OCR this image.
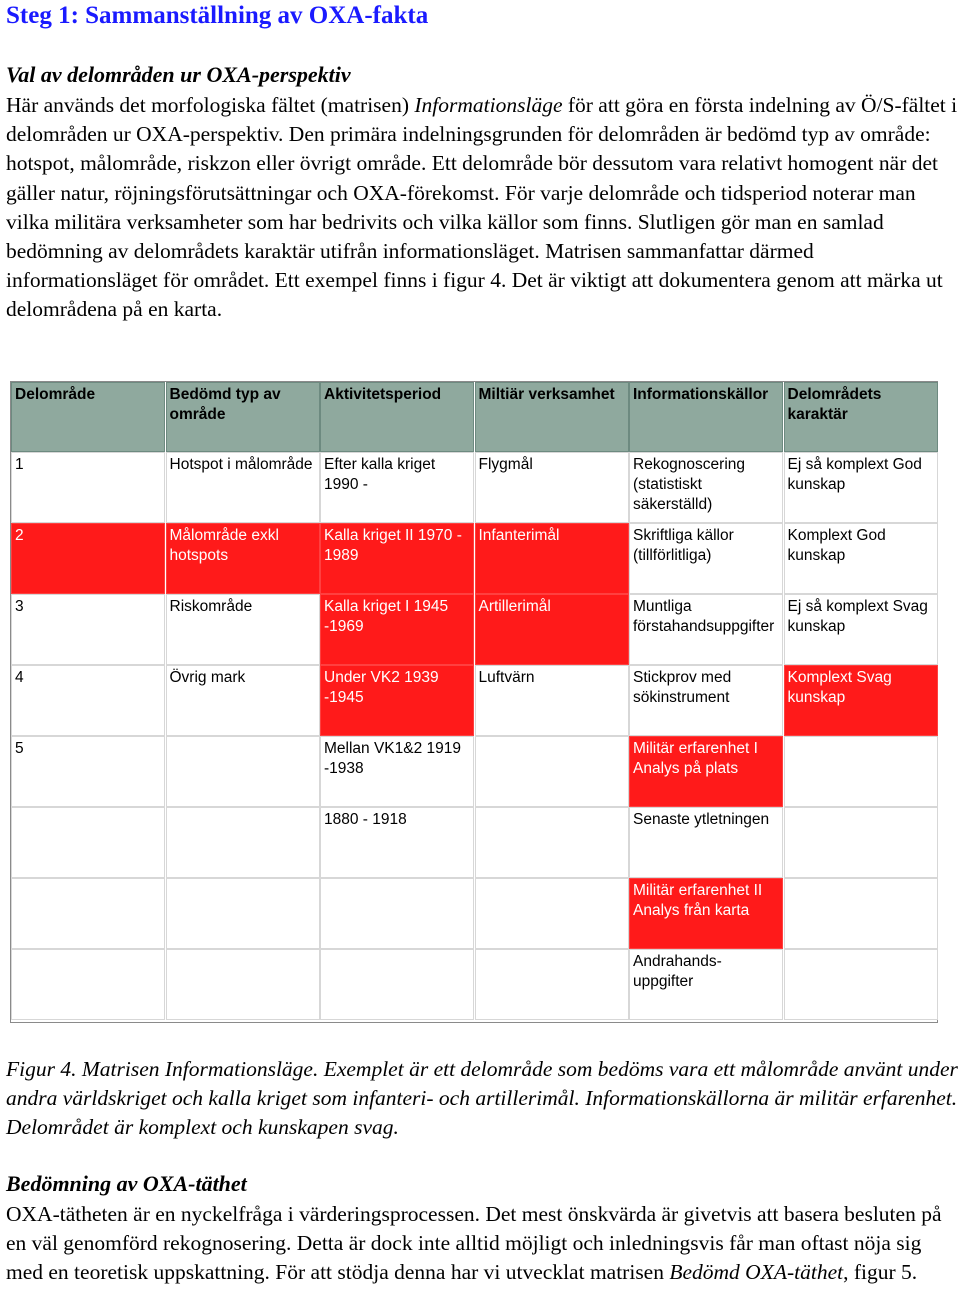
Steg 1: Sammanställning av OXA-fakta
Val av delområden ur OXA-perspektiv
Här används det morfologiska fältet (matrisen) Informationsläge för att göra en första indelning av Ö/S-fältet i delområden ur OXA-perspektiv. Den primära indelningsgrunden för delområden är bedömd typ av område: hotspot, målområde, riskzon eller övrigt område. Ett delområde bör dessutom vara relativt homogent när det gäller natur, röjningsförutsättningar och OXA-förekomst. För varje delområde och tidsperiod noterar man vilka militära verksamheter som har bedrivits och vilka källor som finns. Slutligen gör man en samlad bedömning av delområdets karaktär utifrån informationsläget. Matrisen sammanfattar därmed informationsläget för området. Ett exempel finns i figur 4. Det är viktigt att dokumentera genom att märka ut delområdena på en karta.
Delområde
1
2
3
4
5
Bedömd typ av område
Hotspot i målområde
Målområde exkl hotspots
Riskområde
Övrig mark
Aktivitetsperiod
Efter kalla kriget 1990 -
Kalla kriget II 1970 - 1989
Kalla kriget I 1945 -1969
Under VK2 1939 -1945
Mellan VK1&2 1919 -1938
1880 - 1918
Miltiär verksamhet
Flygmål
Infanterimål
Artillerimål
Luftvärn
Informationskällor
Rekognoscering (statistiskt säkerställd)
Skriftliga källor (tillförlitliga)
Muntliga förstahandsuppgifter
Stickprov med sökinstrument
Militär erfarenhet I Analys på plats
Senaste ytletningen
Militär erfarenhet II Analys från karta
Andrahands- uppgifter
Delområdets karaktär
Ej så komplext God kunskap
Komplext God kunskap
Ej så komplext Svag kunskap
Komplext Svag kunskap
Figur 4. Matrisen Informationsläge. Exemplet är ett delområde som bedöms vara ett målområde använt under andra världskriget och kalla kriget som infanteri- och artillerimål. Informationskällorna är militär erfarenhet. Delområdet är komplext och kunskapen svag.
Bedömning av OXA-täthet
OXA-tätheten är en nyckelfråga i värderingsprocessen. Det mest önskvärda är givetvis att basera besluten på en väl genomförd rekognosering. Detta är dock inte alltid möjligt och inledningsvis får man oftast nöja sig med en teoretisk uppskattning. För att stödja denna har vi utvecklat matrisen Bedömd OXA-täthet, figur 5.
